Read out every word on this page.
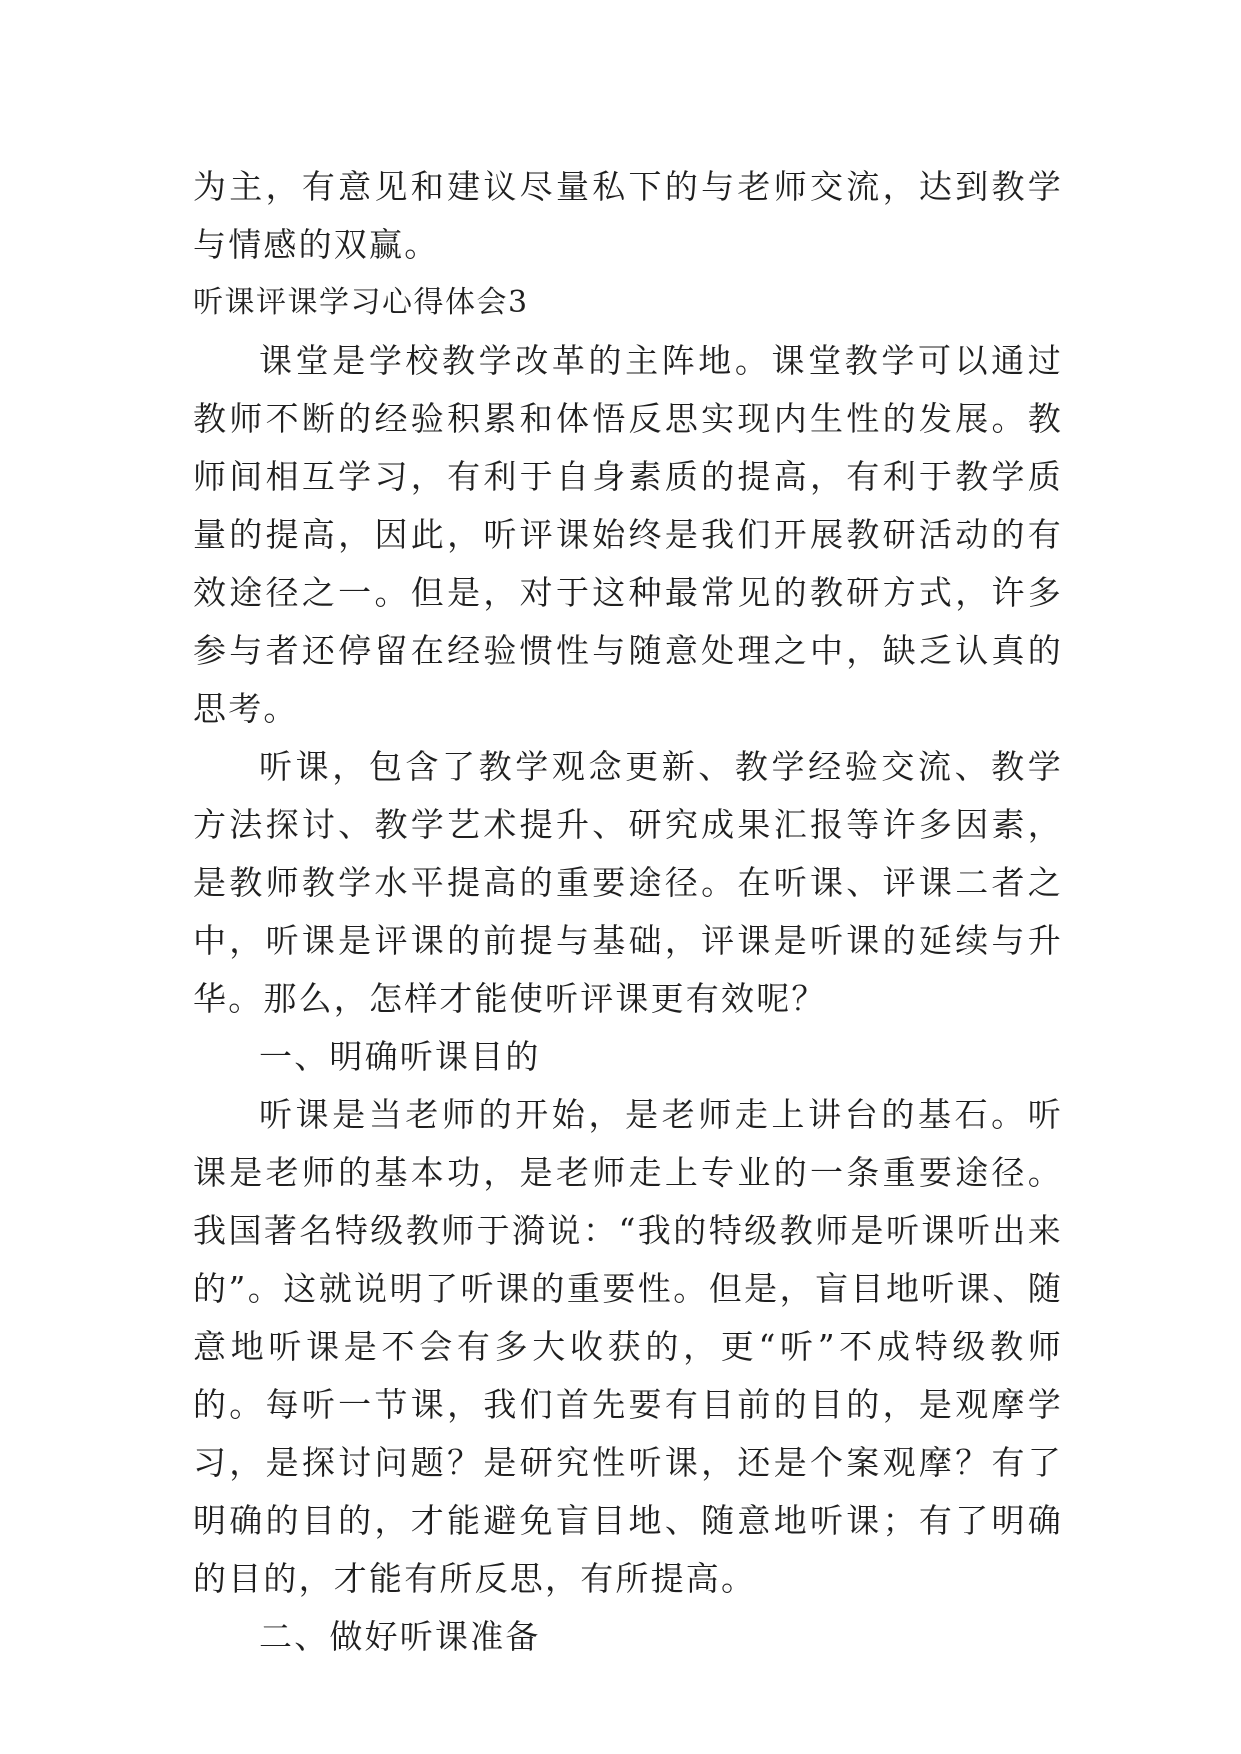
为主，有意见和建议尽量私下的与老师交流，达到教学与情感的双赢。

听课评课学习心得体会3

课堂是学校教学改革的主阵地。课堂教学可以通过教师不断的经验积累和体悟反思实现内生性的发展。教师间相互学习，有利于自身素质的提高，有利于教学质量的提高，因此，听评课始终是我们开展教研活动的有效途径之一。但是，对于这种最常见的教研方式，许多参与者还停留在经验惯性与随意处理之中，缺乏认真的思考。

听课，包含了教学观念更新、教学经验交流、教学方法探讨、教学艺术提升、研究成果汇报等许多因素，是教师教学水平提高的重要途径。在听课、评课二者之中，听课是评课的前提与基础，评课是听课的延续与升华。那么，怎样才能使听评课更有效呢？

一、明确听课目的

听课是当老师的开始，是老师走上讲台的基石。听课是老师的基本功，是老师走上专业的一条重要途径。我国著名特级教师于漪说：“我的特级教师是听课听出来的”。这就说明了听课的重要性。但是，盲目地听课、随意地听课是不会有多大收获的，更“听”不成特级教师的。每听一节课，我们首先要有目前的目的，是观摩学习，是探讨问题？是研究性听课，还是个案观摩？有了明确的目的，才能避免盲目地、随意地听课；有了明确的目的，才能有所反思，有所提高。

二、做好听课准备
